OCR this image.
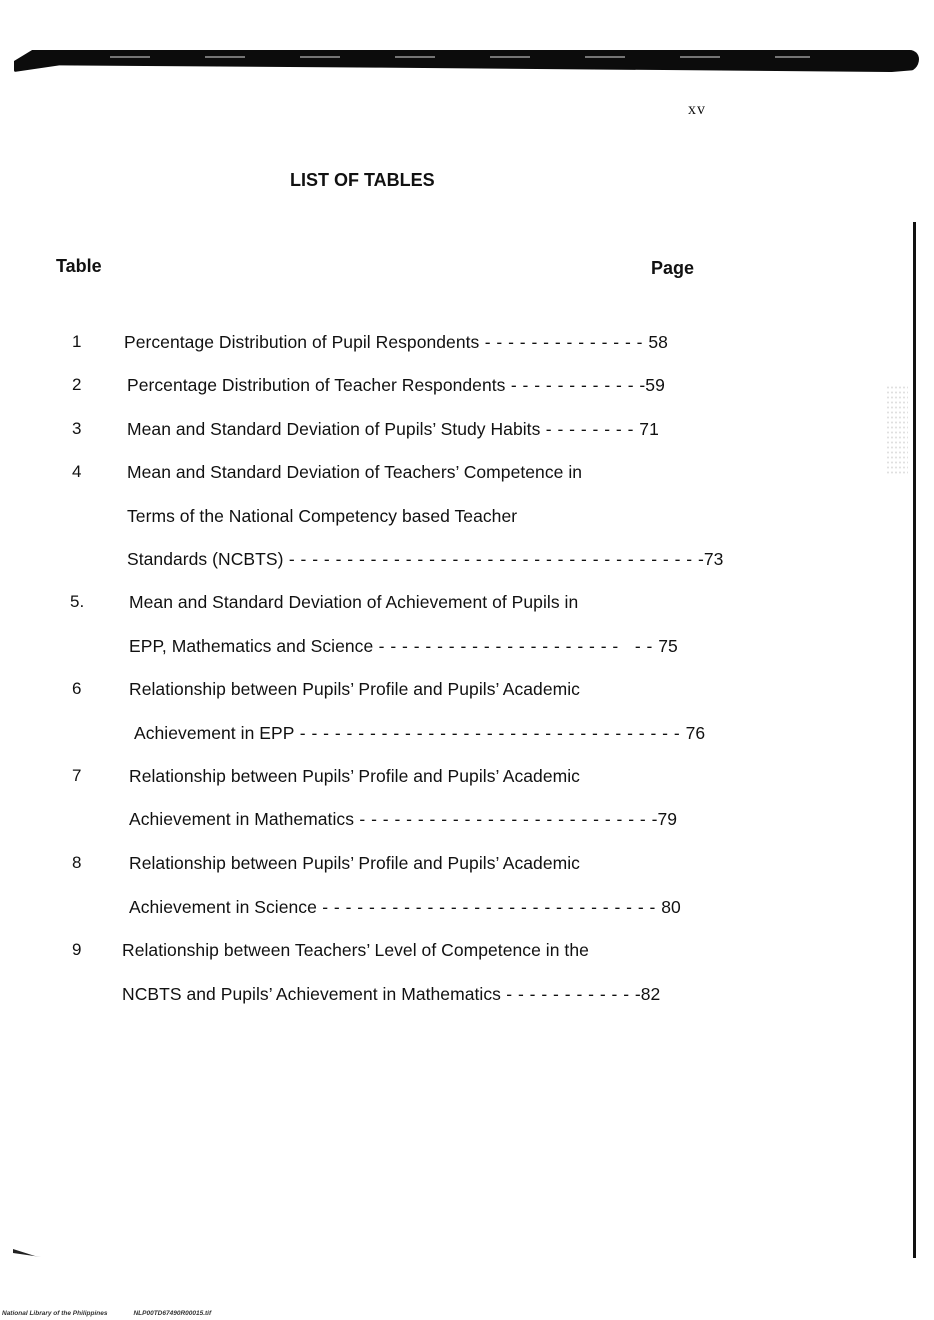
xv
LIST OF TABLES
Table	Page
1	Percentage Distribution of Pupil Respondents - - - - - - - - - - - - - - 58
2	Percentage Distribution of Teacher Respondents - - - - - - - - - - - -59
3	Mean and Standard Deviation of Pupils’ Study Habits - - - - - - - - 71
4	Mean and Standard Deviation of Teachers’ Competence in
Terms of the National Competency based Teacher
Standards (NCBTS) - - - - - - - - - - - - - - - - - - - - - - - - - - - - - - - - - - - -73
5.	Mean and Standard Deviation of Achievement of Pupils in
EPP, Mathematics and Science - - - - - - - - - - - - - - - - - - - - -   - - 75
6	Relationship between Pupils’ Profile and Pupils’ Academic
Achievement in EPP - - - - - - - - - - - - - - - - - - - - - - - - - - - - - - - - - 76
7	Relationship between Pupils’ Profile and Pupils’ Academic
Achievement in Mathematics - - - - - - - - - - - - - - - - - - - - - - - - - -79
8	Relationship between Pupils’ Profile and Pupils’ Academic
Achievement in Science - - - - - - - - - - - - - - - - - - - - - - - - - - - - - 80
9	Relationship between Teachers’ Level of Competence in the
NCBTS and Pupils’ Achievement in Mathematics - - - - - - - - - - - -82
National Library of the Philippines	NLP00TD67490R00015.tif
